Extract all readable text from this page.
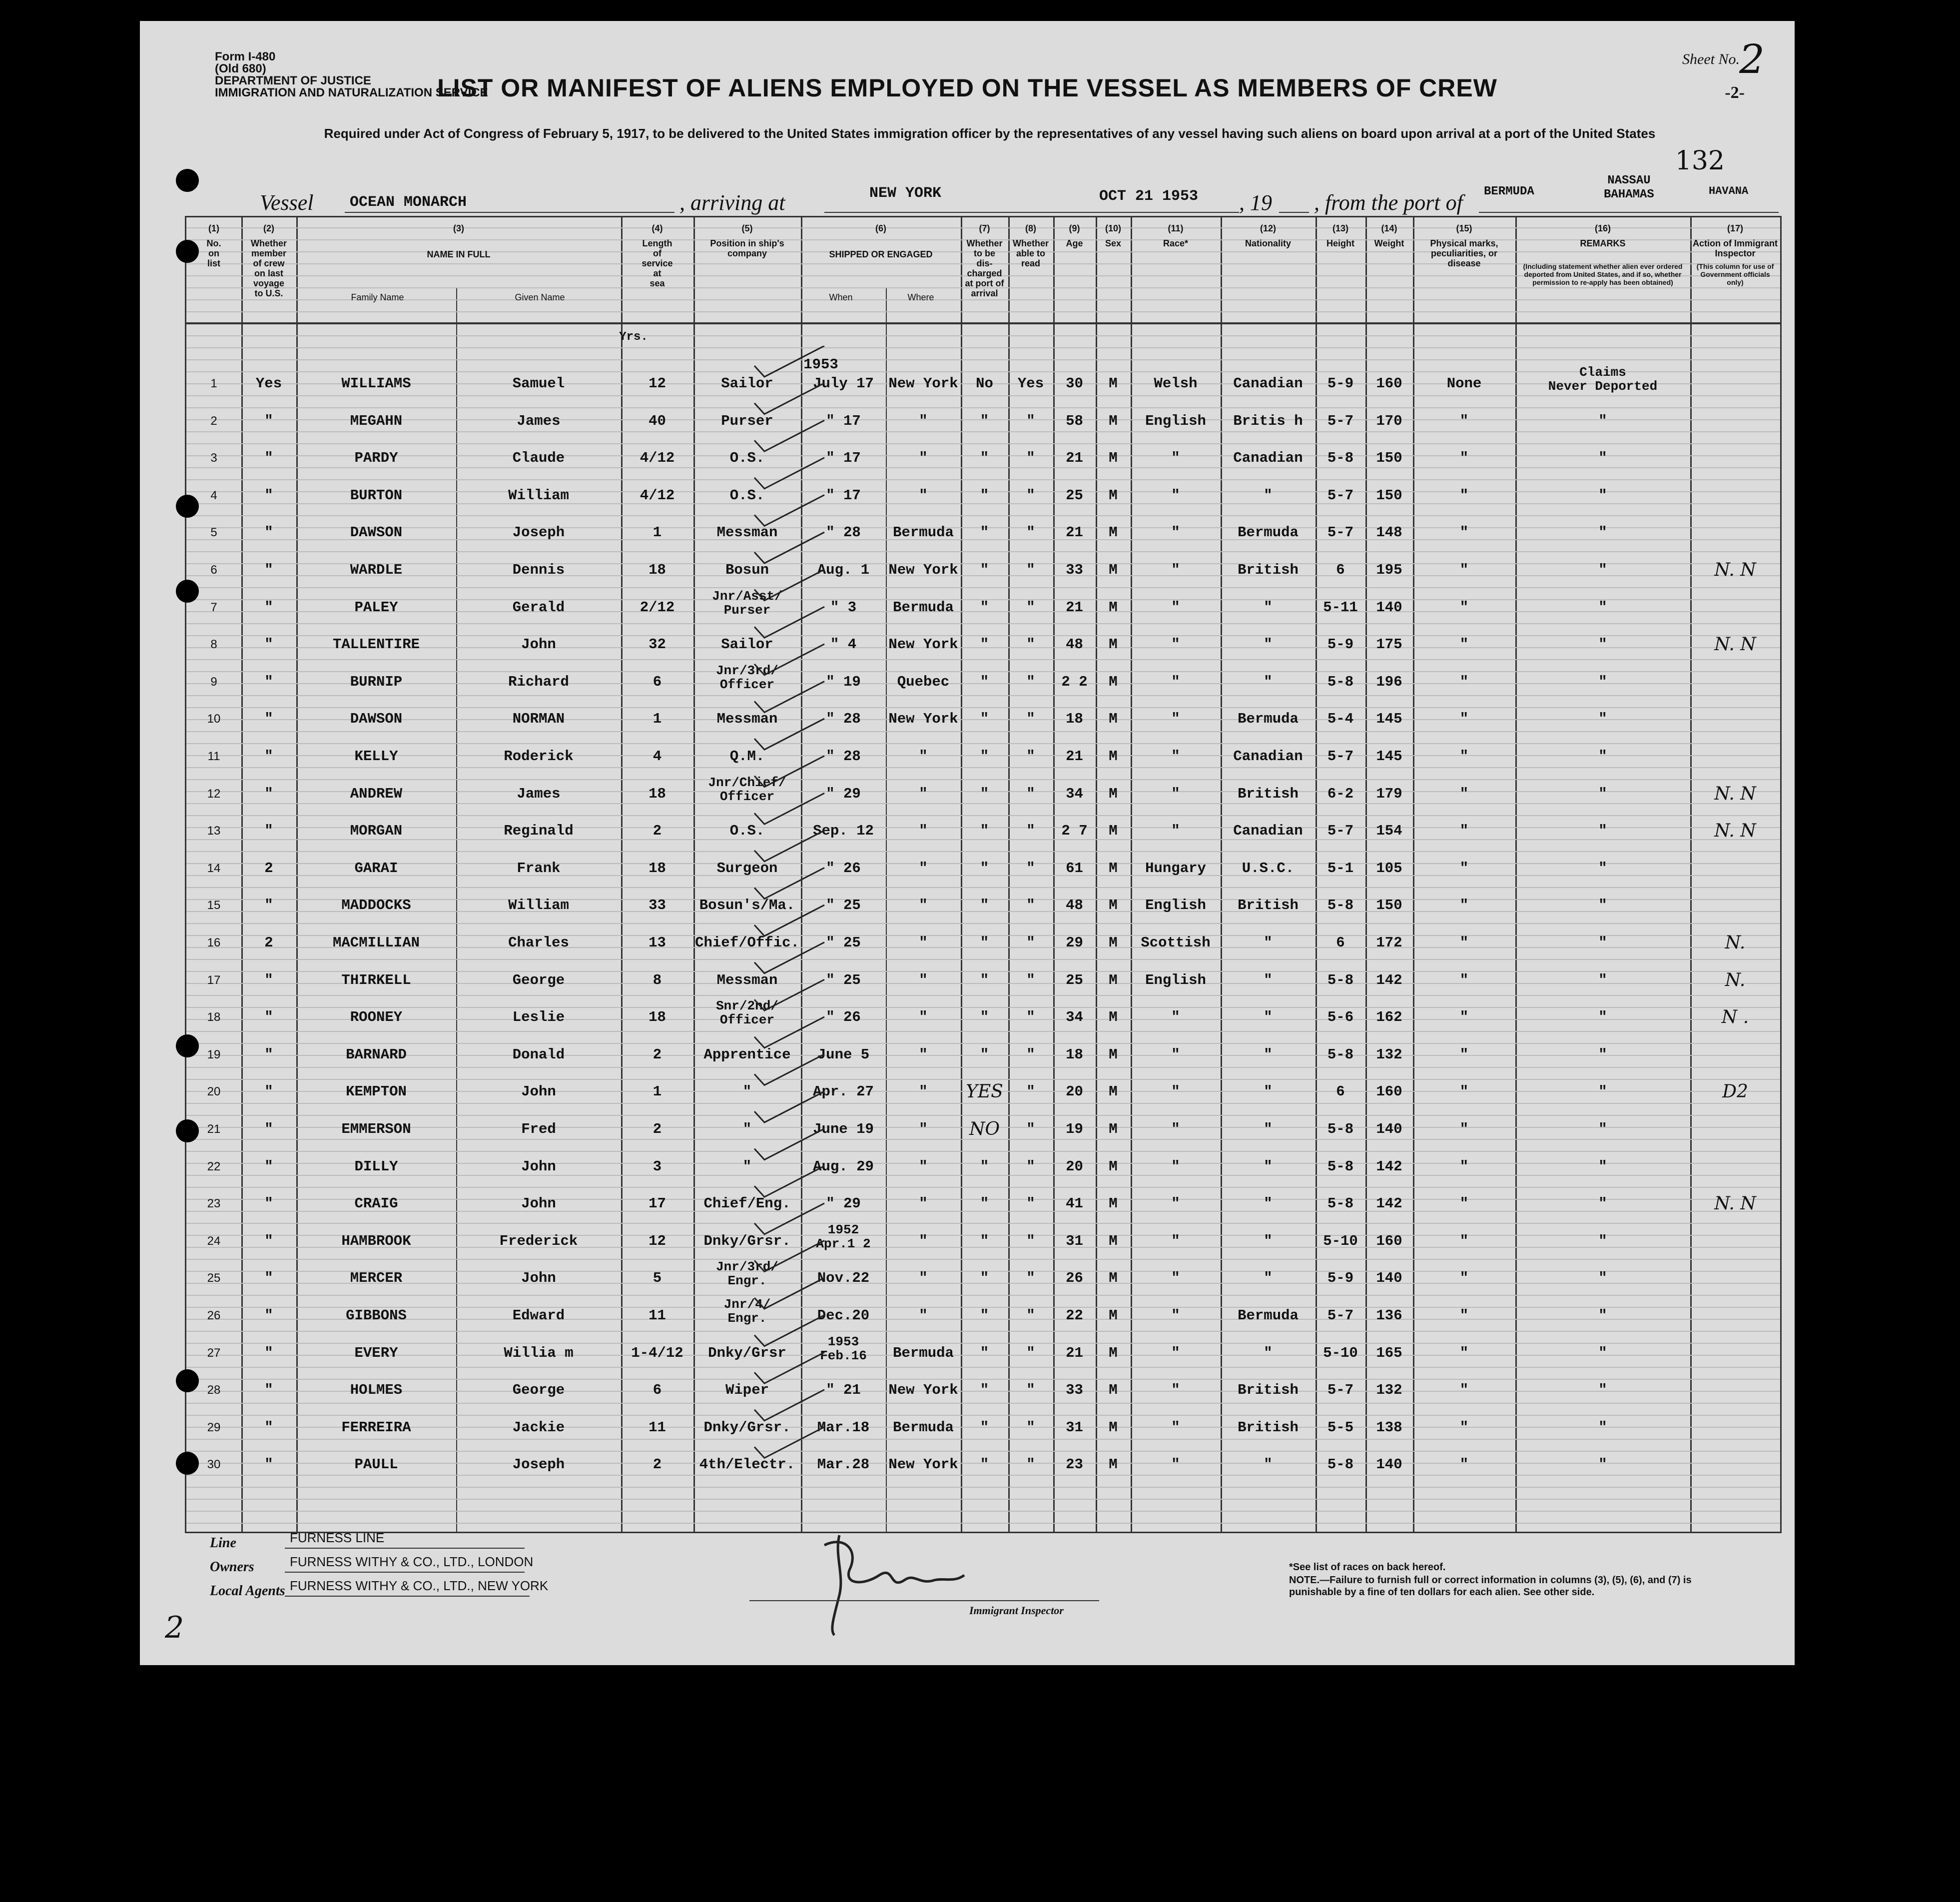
Form I-480
(Old 680)
DEPARTMENT OF JUSTICE
IMMIGRATION AND NATURALIZATION SERVICE
Sheet No. 2
LIST OR MANIFEST OF ALIENS EMPLOYED ON THE VESSEL AS MEMBERS OF CREW	-2-
Required under Act of Congress of February 5, 1917, to be delivered to the United States immigration officer by the representatives of any vessel having such aliens on board upon arrival at a port of the United States
132
Vessel OCEAN MONARCH	, arriving at	NEW YORK	OCT 21 1953 , 19 , from the port of BERMUDA
NASSAU
BAHAMAS	HAVANA
(1)
No.
on
list
(2)
Whether
member
of crew
on last
voyage
to U.S.
(3)
NAME IN FULL
Family Name	Given Name
(4)
Length
of
service
at
sea
(5)
Position in ship's
company
(6)
SHIPPED OR ENGAGED
When	Where
(7)
Whether
to be
dis-
charged
at port of
arrival
(8)
Whether
able to
read
(9)
Age
(10)
Sex
(11)
Race*
(12)
Nationality
(13)
Height
(14)
Weight
(15)
Physical marks,
peculiarities, or
disease
(16)
REMARKS
(Including statement whether alien ever ordered deported from United States, and if so, whether permission to re-apply has been obtained)
(17)
Action of Immigrant
Inspector
(This column for use of Government officials only)
Yrs.
1953
1	Yes	WILLIAMS	Samuel	12	Sailor	July 17	New York	No	Yes	30	M	Welsh	Canadian	5-9	160	None
Claims
Never Deported
2	"	MEGAHN	James	40	Purser	" 17	"	"	"	58	M	English	Britis h	5-7	170	"	"
3	"	PARDY	Claude	4/12	O.S.	" 17	"	"	"	21	M	"	Canadian	5-8	150	"	"
4	"	BURTON	William	4/12	O.S.	" 17	"	"	"	25	M	"	"	5-7	150	"	"
5	"	DAWSON	Joseph	1	Messman	" 28	Bermuda	"	"	21	M	"	Bermuda	5-7	148	"	"
6	"	WARDLE	Dennis	18	Bosun	Aug. 1	New York	"	"	33	M	"	British	6	195	"	"	N. N
7	"	PALEY	Gerald	2/12
Jnr/Asst/
Purser	" 3	Bermuda	"	"	21	M	"	"	5-11	140	"	"
8	"	TALLENTIRE	John	32	Sailor	" 4	New York	"	"	48	M	"	"	5-9	175	"	"	N. N
9	"	BURNIP	Richard	6
Jnr/3rd/
Officer	" 19	Quebec	"	"	2 2	M	"	"	5-8	196	"	"
10	"	DAWSON	NORMAN	1	Messman	" 28	New York	"	"	18	M	"	Bermuda	5-4	145	"	"
11	"	KELLY	Roderick	4	Q.M.	" 28	"	"	"	21	M	"	Canadian	5-7	145	"	"
12	"	ANDREW	James	18
Jnr/Chief/
Officer	" 29	"	"	"	34	M	"	British	6-2	179	"	"	N. N
13	"	MORGAN	Reginald	2	O.S.	Sep. 12	"	"	"	2 7	M	"	Canadian	5-7	154	"	"	N. N
14	2	GARAI	Frank	18	Surgeon	" 26	"	"	"	61	M	Hungary	U.S.C.	5-1	105	"	"
15	"	MADDOCKS	William	33	Bosun's/Ma.	" 25	"	"	"	48	M	English	British	5-8	150	"	"
16	2	MACMILLIAN	Charles	13	Chief/Offic.	" 25	"	"	"	29	M	Scottish	"	6	172	"	"	N.
17	"	THIRKELL	George	8	Messman	" 25	"	"	"	25	M	English	"	5-8	142	"	"	N.
18	"	ROONEY	Leslie	18
Snr/2nd/
Officer	" 26	"	"	"	34	M	"	"	5-6	162	"	"	N .
19	"	BARNARD	Donald	2	Apprentice	June 5	"	"	"	18	M	"	"	5-8	132	"	"
20	"	KEMPTON	John	1	"	Apr. 27	"	YES	"	20	M	"	"	6	160	"	"	D2
21	"	EMMERSON	Fred	2	"	June 19	"	NO	"	19	M	"	"	5-8	140	"	"
22	"	DILLY	John	3	"	Aug. 29	"	"	"	20	M	"	"	5-8	142	"	"
23	"	CRAIG	John	17	Chief/Eng.	" 29	"	"	"	41	M	"	"	5-8	142	"	"	N. N
24	"	HAMBROOK	Frederick	12	Dnky/Grsr.
1952
Apr.1 2	"	"	"	31	M	"	"	5-10	160	"	"
25	"	MERCER	John	5
Jnr/3rd/
Engr.	Nov.22	"	"	"	26	M	"	"	5-9	140	"	"
26	"	GIBBONS	Edward	11
Jnr/4/
Engr.	Dec.20	"	"	"	22	M	"	Bermuda	5-7	136	"	"
27	"	EVERY	Willia m	1-4/12	Dnky/Grsr
1953
Feb.16	Bermuda	"	"	21	M	"	"	5-10	165	"	"
28	"	HOLMES	George	6	Wiper	" 21	New York	"	"	33	M	"	British	5-7	132	"	"
29	"	FERREIRA	Jackie	11	Dnky/Grsr.	Mar.18	Bermuda	"	"	31	M	"	British	5-5	138	"	"
30	"	PAULL	Joseph	2	4th/Electr.	Mar.28	New York	"	"	23	M	"	"	5-8	140	"	"
Line	FURNESS LINE
Owners	FURNESS WITHY & CO., LTD., LONDON
Local Agents FURNESS WITHY & CO., LTD., NEW YORK
Immigrant Inspector
*See list of races on back hereof.
NOTE.—Failure to furnish full or correct information in columns (3), (5), (6), and (7) is punishable by a fine of ten dollars for each alien. See other side.
2
